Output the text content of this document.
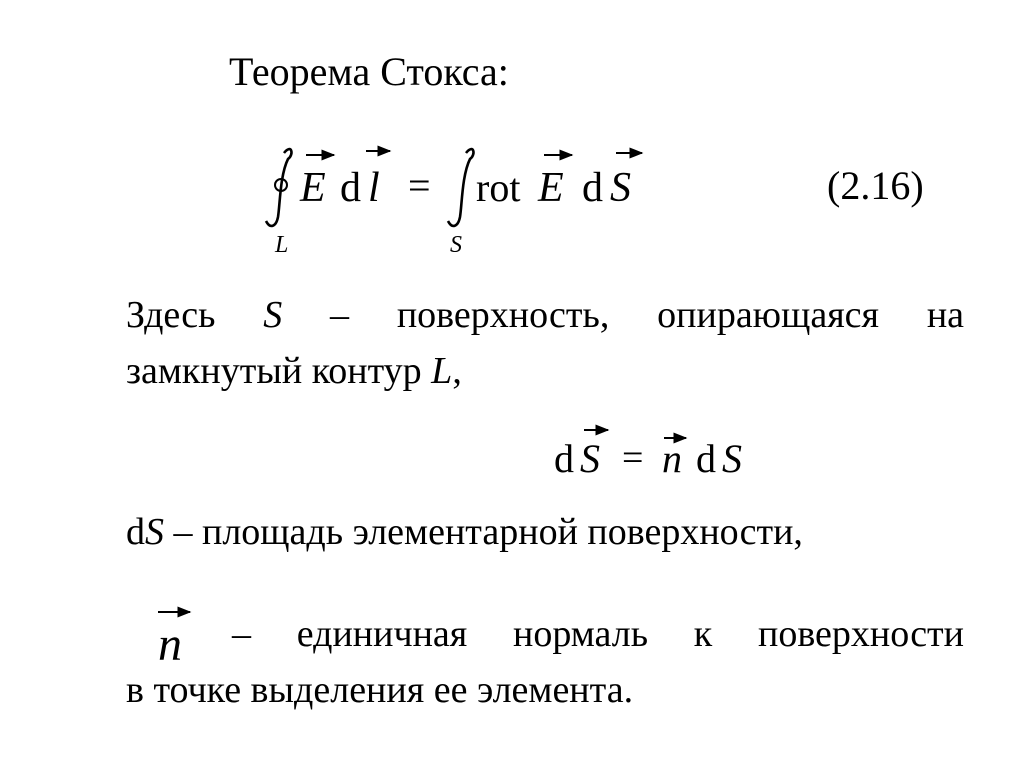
Теорема Стокса:
L
E d l =
S
rot E d S	(2.16)
Здесь S – поверхность, опирающаяся на
замкнутый контур L,
d S = n d S
dS – площадь элементарной поверхности,
n – единичная нормаль к поверхности
в точке выделения ее элемента.
